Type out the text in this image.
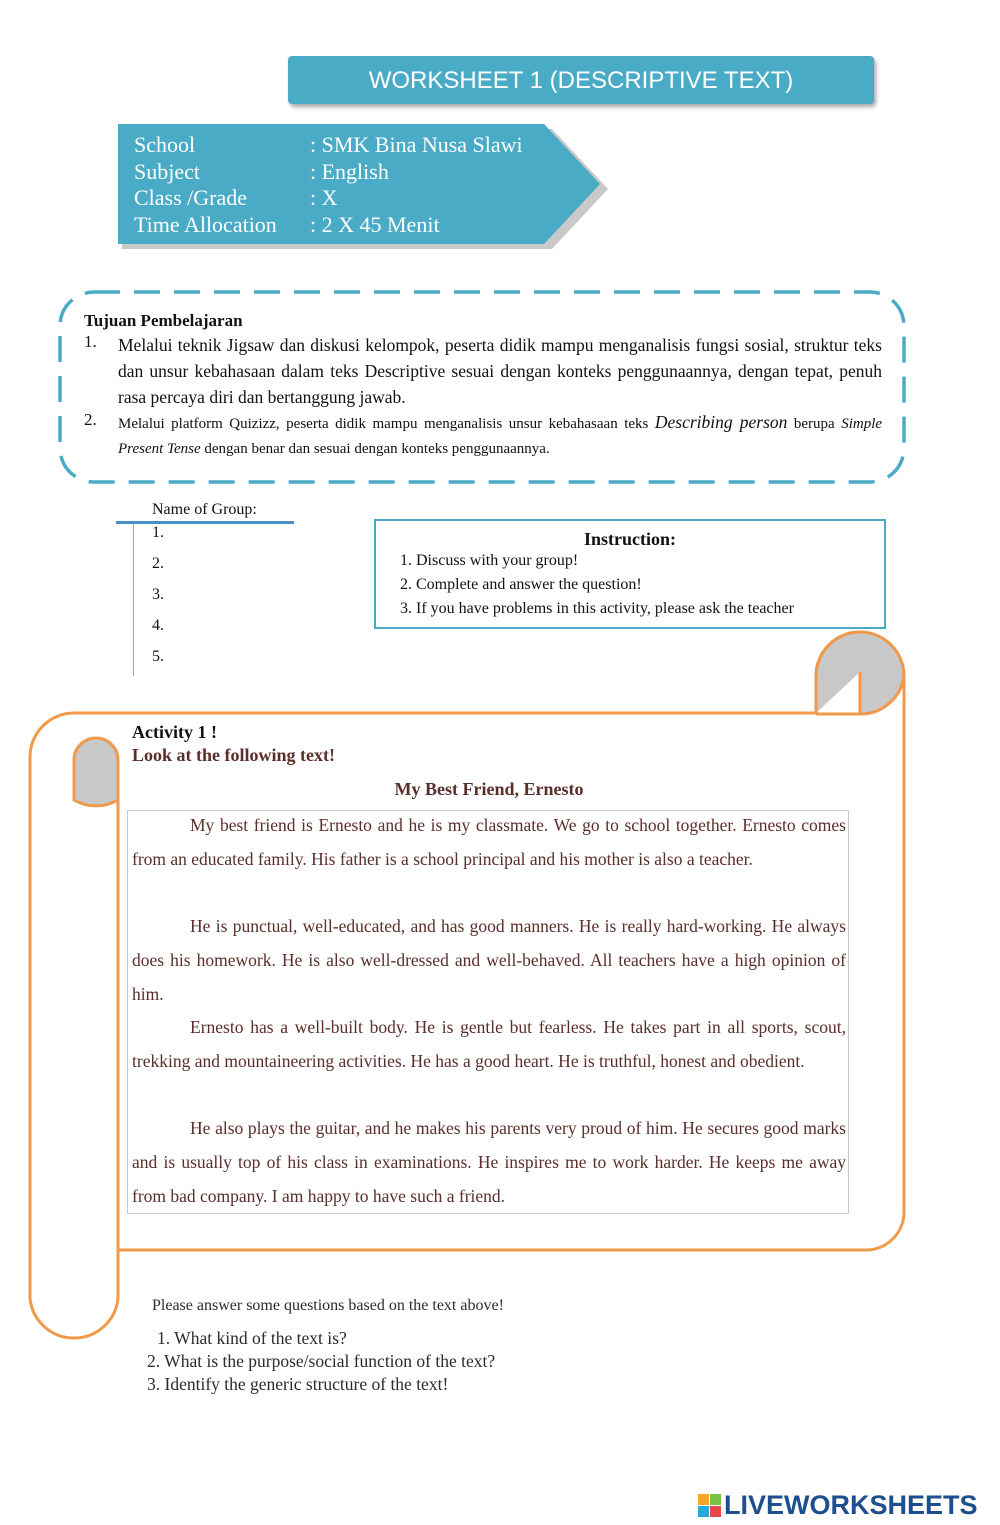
WORKSHEET 1 (DESCRIPTIVE TEXT)
School	: SMK Bina Nusa Slawi
Subject	: English
Class /Grade	: X
Time Allocation : 2 X 45 Menit
Tujuan Pembelajaran
1. Melalui teknik Jigsaw dan diskusi kelompok, peserta didik mampu menganalisis fungsi sosial, struktur teks dan unsur kebahasaan dalam teks Descriptive sesuai dengan konteks penggunaannya, dengan tepat, penuh rasa percaya diri dan bertanggung jawab.
2. Melalui platform Quizizz, peserta didik mampu menganalisis unsur kebahasaan teks Describing person berupa Simple Present Tense dengan benar dan sesuai dengan konteks penggunaannya.
Name of Group:
1.
2.
3.
4.
5.
Instruction:
1. Discuss with your group!
2. Complete and answer the question!
3. If you have problems in this activity, please ask the teacher
Activity 1 !
Look at the following text!
My Best Friend, Ernesto

My best friend is Ernesto and he is my classmate. We go to school together. Ernesto comes from an educated family. His father is a school principal and his mother is also a teacher.

He is punctual, well-educated, and has good manners. He is really hard-working. He always does his homework. He is also well-dressed and well-behaved. All teachers have a high opinion of him.

Ernesto has a well-built body. He is gentle but fearless. He takes part in all sports, scout, trekking and mountaineering activities. He has a good heart. He is truthful, honest and obedient.

He also plays the guitar, and he makes his parents very proud of him. He secures good marks and is usually top of his class in examinations. He inspires me to work harder. He keeps me away from bad company. I am happy to have such a friend.

Please answer some questions based on the text above!
1. What kind of the text is?
2. What is the purpose/social function of the text?
3. Identify the generic structure of the text!
LIVEWORKSHEETS
